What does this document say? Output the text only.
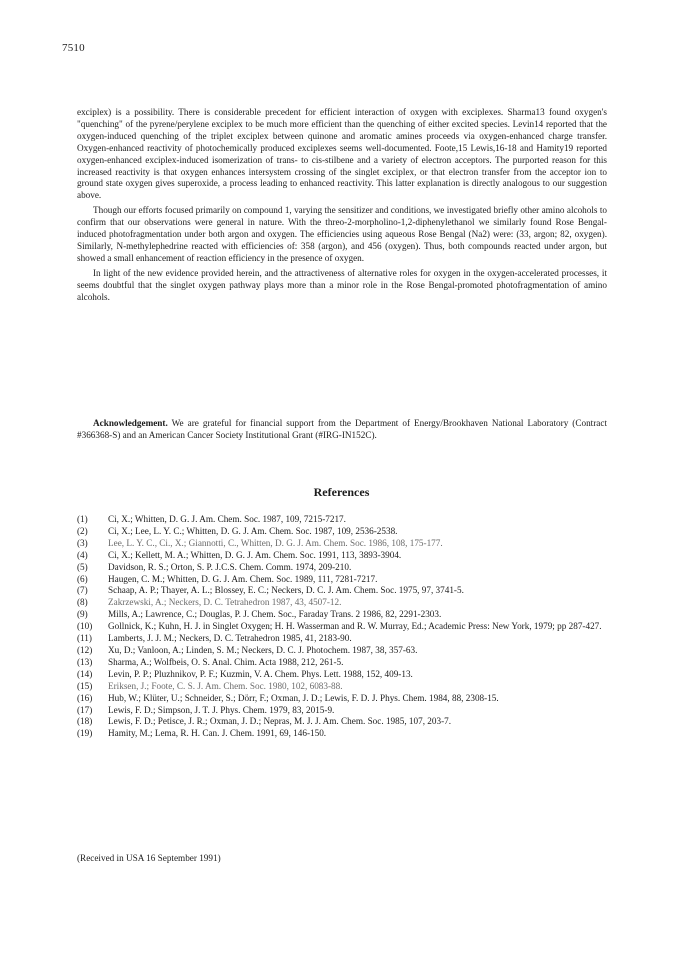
7510

exciplex) is a possibility. There is considerable precedent for efficient interaction of oxygen with exciplexes. Sharma13 found oxygen's "quenching" of the pyrene/perylene exciplex to be much more efficient than the quenching of either excited species. Levin14 reported that the oxygen-induced quenching of the triplet exciplex between quinone and aromatic amines proceeds via oxygen-enhanced charge transfer. Oxygen-enhanced reactivity of photochemically produced exciplexes seems well-documented. Foote,15 Lewis,16-18 and Hamity19 reported oxygen-enhanced exciplex-induced isomerization of trans- to cis-stilbene and a variety of electron acceptors. The purported reason for this increased reactivity is that oxygen enhances intersystem crossing of the singlet exciplex, or that electron transfer from the acceptor ion to ground state oxygen gives superoxide, a process leading to enhanced reactivity. This latter explanation is directly analogous to our suggestion above.

Though our efforts focused primarily on compound 1, varying the sensitizer and conditions, we investigated briefly other amino alcohols to confirm that our observations were general in nature. With the threo-2-morpholino-1,2-diphenylethanol we similarly found Rose Bengal-induced photofragmentation under both argon and oxygen. The efficiencies using aqueous Rose Bengal (Na2) were: (33, argon; 82, oxygen). Similarly, N-methylephedrine reacted with efficiencies of: 358 (argon), and 456 (oxygen). Thus, both compounds reacted under argon, but showed a small enhancement of reaction efficiency in the presence of oxygen.

In light of the new evidence provided herein, and the attractiveness of alternative roles for oxygen in the oxygen-accelerated processes, it seems doubtful that the singlet oxygen pathway plays more than a minor role in the Rose Bengal-promoted photofragmentation of amino alcohols.

Acknowledgement. We are grateful for financial support from the Department of Energy/Brookhaven National Laboratory (Contract #366368-S) and an American Cancer Society Institutional Grant (#IRG-IN152C).
References
(1)	Ci, X.; Whitten, D. G. J. Am. Chem. Soc. 1987, 109, 7215-7217.
(2)	Ci, X.; Lee, L. Y. C.; Whitten, D. G. J. Am. Chem. Soc. 1987, 109, 2536-2538.
(3)	Lee, L. Y. C., Ci., X.; Giannotti, C., Whitten, D. G. J. Am. Chem. Soc. 1986, 108, 175-177.
(4)	Ci, X.; Kellett, M. A.; Whitten, D. G. J. Am. Chem. Soc. 1991, 113, 3893-3904.
(5)	Davidson, R. S.; Orton, S. P. J.C.S. Chem. Comm. 1974, 209-210.
(6)	Haugen, C. M.; Whitten, D. G. J. Am. Chem. Soc. 1989, 111, 7281-7217.
(7)	Schaap, A. P.; Thayer, A. L.; Blossey, E. C.; Neckers, D. C. J. Am. Chem. Soc. 1975, 97, 3741-5.
(8)	Zakrzewski, A.; Neckers, D. C. Tetrahedron 1987, 43, 4507-12.
(9)	Mills, A.; Lawrence, C.; Douglas, P. J. Chem. Soc., Faraday Trans. 2 1986, 82, 2291-2303.
(10)	Gollnick, K.; Kuhn, H. J. in Singlet Oxygen; H. H. Wasserman and R. W. Murray, Ed.; Academic Press: New York, 1979; pp 287-427.
(11)	Lamberts, J. J. M.; Neckers, D. C. Tetrahedron 1985, 41, 2183-90.
(12)	Xu, D.; Vanloon, A.; Linden, S. M.; Neckers, D. C. J. Photochem. 1987, 38, 357-63.
(13)	Sharma, A.; Wolfbeis, O. S. Anal. Chim. Acta 1988, 212, 261-5.
(14)	Levin, P. P.; Pluzhnikov, P. F.; Kuzmin, V. A. Chem. Phys. Lett. 1988, 152, 409-13.
(15)	Eriksen, J.; Foote, C. S. J. Am. Chem. Soc. 1980, 102, 6083-88.
(16)	Hub, W.; Klüter, U.; Schneider, S.; Dörr, F.; Oxman, J. D.; Lewis, F. D. J. Phys. Chem. 1984, 88, 2308-15.
(17)	Lewis, F. D.; Simpson, J. T. J. Phys. Chem. 1979, 83, 2015-9.
(18)	Lewis, F. D.; Petisce, J. R.; Oxman, J. D.; Nepras, M. J. J. Am. Chem. Soc. 1985, 107, 203-7.
(19)	Hamity, M.; Lema, R. H. Can. J. Chem. 1991, 69, 146-150.
(Received in USA 16 September 1991)
